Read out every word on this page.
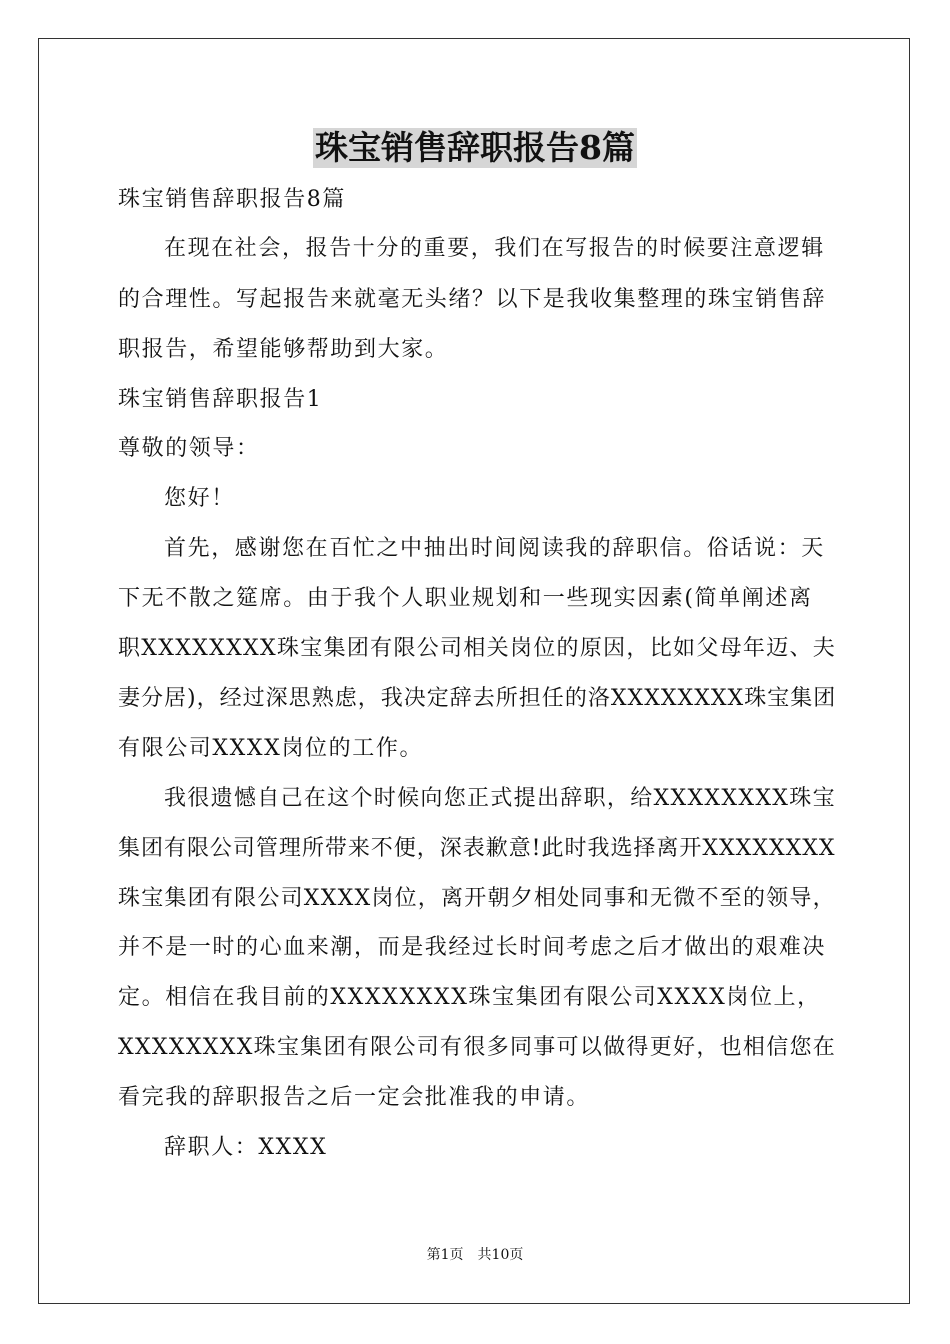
珠宝销售辞职报告8篇
珠宝销售辞职报告8篇
在现在社会，报告十分的重要，我们在写报告的时候要注意逻辑
的合理性。写起报告来就毫无头绪？以下是我收集整理的珠宝销售辞
职报告，希望能够帮助到大家。
珠宝销售辞职报告1
尊敬的领导：
您好！
首先，感谢您在百忙之中抽出时间阅读我的辞职信。俗话说：天
下无不散之筵席。由于我个人职业规划和一些现实因素(简单阐述离
职XXXXXXXX珠宝集团有限公司相关岗位的原因，比如父母年迈、夫
妻分居)，经过深思熟虑，我决定辞去所担任的洛XXXXXXXX珠宝集团
有限公司XXXX岗位的工作。
我很遗憾自己在这个时候向您正式提出辞职，给XXXXXXXX珠宝
集团有限公司管理所带来不便，深表歉意!此时我选择离开XXXXXXXX
珠宝集团有限公司XXXX岗位，离开朝夕相处同事和无微不至的领导，
并不是一时的心血来潮，而是我经过长时间考虑之后才做出的艰难决
定。相信在我目前的XXXXXXXX珠宝集团有限公司XXXX岗位上，
XXXXXXXX珠宝集团有限公司有很多同事可以做得更好，也相信您在
看完我的辞职报告之后一定会批准我的申请。
辞职人：XXXX
第1页　共10页
